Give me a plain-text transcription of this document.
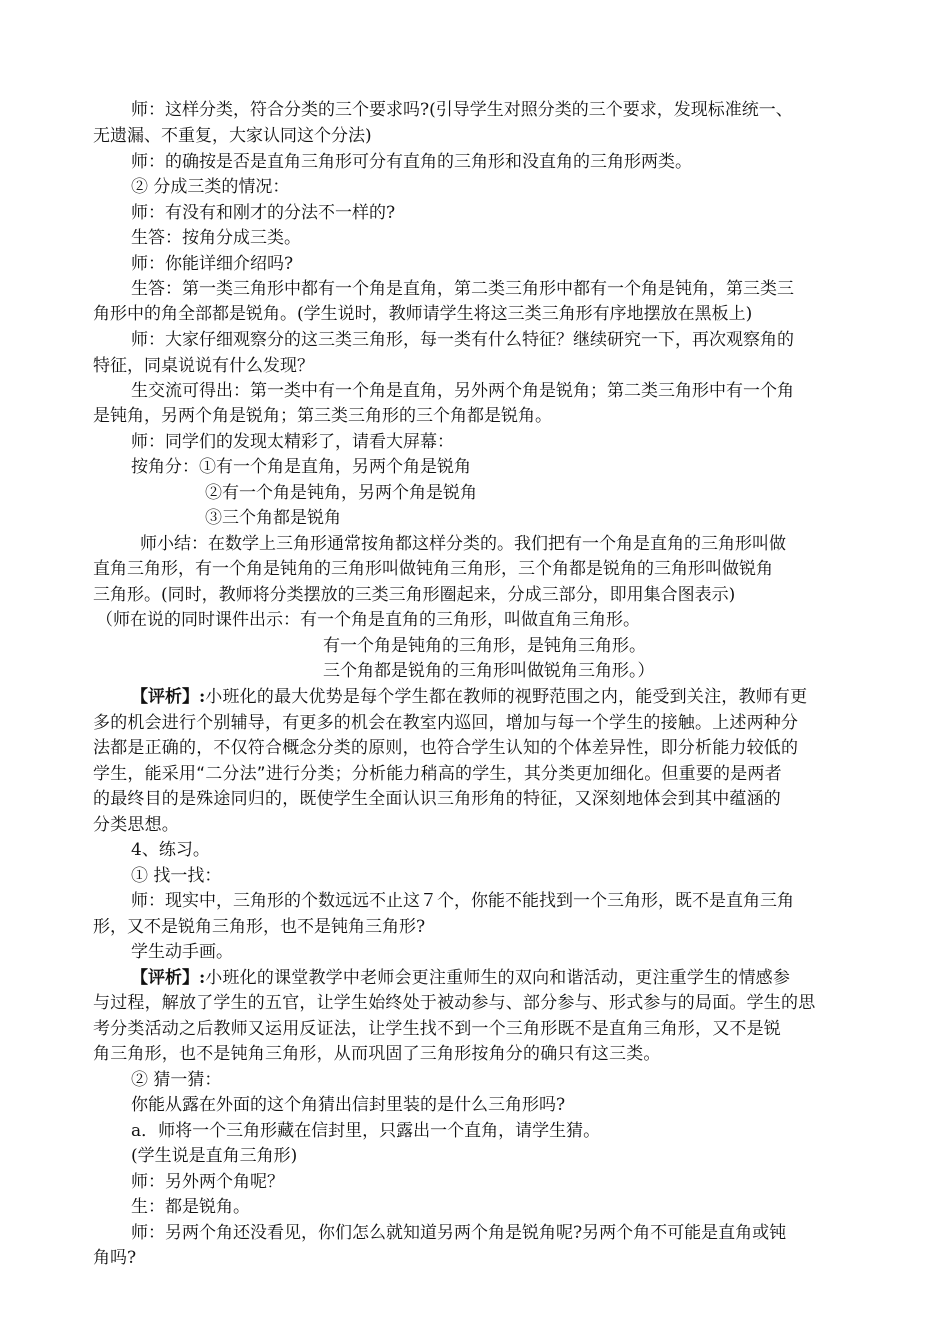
师：这样分类，符合分类的三个要求吗?(引导学生对照分类的三个要求，发现标准统一、
无遗漏、不重复，大家认同这个分法)
师：的确按是否是直角三角形可分有直角的三角形和没直角的三角形两类。
② 分成三类的情况：
师：有没有和刚才的分法不一样的?
生答：按角分成三类。
师：你能详细介绍吗?
生答：第一类三角形中都有一个角是直角，第二类三角形中都有一个角是钝角，第三类三
角形中的角全部都是锐角。(学生说时，教师请学生将这三类三角形有序地摆放在黑板上)
师：大家仔细观察分的这三类三角形，每一类有什么特征？继续研究一下，再次观察角的
特征，同桌说说有什么发现？
生交流可得出：第一类中有一个角是直角，另外两个角是锐角；第二类三角形中有一个角
是钝角，另两个角是锐角；第三类三角形的三个角都是锐角。
师：同学们的发现太精彩了，请看大屏幕：
按角分：①有一个角是直角，另两个角是锐角
②有一个角是钝角，另两个角是锐角
③三个角都是锐角
师小结：在数学上三角形通常按角都这样分类的。我们把有一个角是直角的三角形叫做
直角三角形，有一个角是钝角的三角形叫做钝角三角形，三个角都是锐角的三角形叫做锐角
三角形。(同时，教师将分类摆放的三类三角形圈起来，分成三部分，即用集合图表示)
（师在说的同时课件出示：有一个角是直角的三角形，叫做直角三角形。
有一个角是钝角的三角形，是钝角三角形。
三个角都是锐角的三角形叫做锐角三角形。）
【评析】:小班化的最大优势是每个学生都在教师的视野范围之内，能受到关注，教师有更
多的机会进行个别辅导，有更多的机会在教室内巡回，增加与每一个学生的接触。上述两种分
法都是正确的，不仅符合概念分类的原则，也符合学生认知的个体差异性，即分析能力较低的
学生，能采用“二分法”进行分类；分析能力稍高的学生，其分类更加细化。但重要的是两者
的最终目的是殊途同归的，既使学生全面认识三角形角的特征，又深刻地体会到其中蕴涵的
分类思想。
4、练习。
① 找一找：
师：现实中，三角形的个数远远不止这７个，你能不能找到一个三角形，既不是直角三角
形，又不是锐角三角形，也不是钝角三角形?
学生动手画。
【评析】:小班化的课堂教学中老师会更注重师生的双向和谐活动，更注重学生的情感参
与过程，解放了学生的五官，让学生始终处于被动参与、部分参与、形式参与的局面。学生的思
考分类活动之后教师又运用反证法，让学生找不到一个三角形既不是直角三角形，又不是锐
角三角形，也不是钝角三角形，从而巩固了三角形按角分的确只有这三类。
② 猜一猜：
你能从露在外面的这个角猜出信封里装的是什么三角形吗?
a．师将一个三角形藏在信封里，只露出一个直角，请学生猜。
(学生说是直角三角形)
师：另外两个角呢？
生：都是锐角。
师：另两个角还没看见，你们怎么就知道另两个角是锐角呢?另两个角不可能是直角或钝
角吗?
